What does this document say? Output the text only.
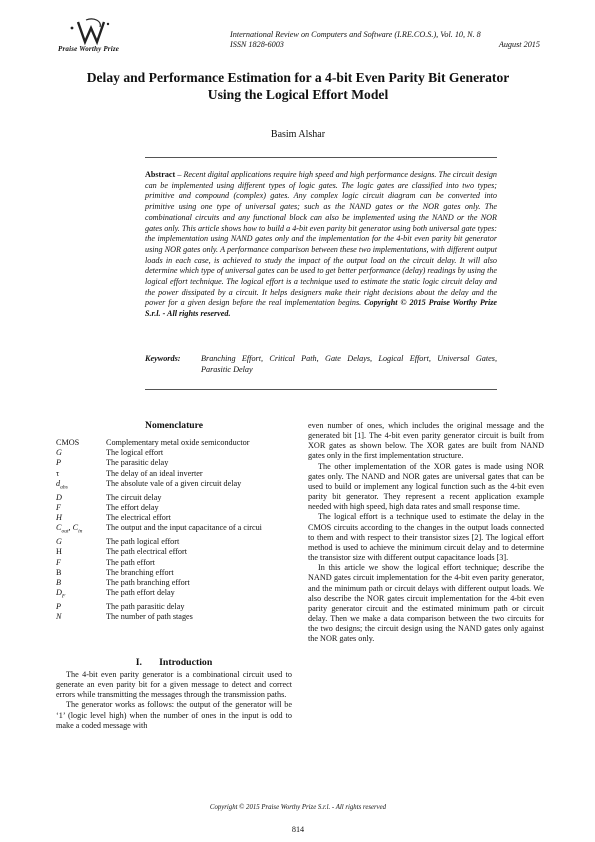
Praise Worthy Prize
International Review on Computers and Software (I.RE.CO.S.), Vol. 10, N. 8
ISSN 1828-6003	August 2015
Delay and Performance Estimation for a 4-bit Even Parity Bit Generator
Using the Logical Effort Model
Basim Alshar
Abstract – Recent digital applications require high speed and high performance designs. The circuit design can be implemented using different types of logic gates. The logic gates are classified into two types; primitive and compound (complex) gates. Any complex logic circuit diagram can be converted into primitive using one type of universal gates; such as the NAND gates or the NOR gates only. The combinational circuits and any functional block can also be implemented using the NAND or the NOR gates only. This article shows how to build a 4-bit even parity bit generator using both universal gate types: the implementation using NAND gates only and the implementation for the 4-bit even parity bit generator using NOR gates only. A performance comparison between these two implementations, with different output loads in each case, is achieved to study the impact of the output load on the circuit delay. It will also determine which type of universal gates can be used to get better performance (delay) readings by using the logical effort technique. The logical effort is a technique used to estimate the static logic circuit delay and the power dissipated by a circuit. It helps designers make their right decisions about the delay and the power for a given design before the real implementation begins. Copyright © 2015 Praise Worthy Prize S.r.l. - All rights reserved.
Keywords:	Branching Effort, Critical Path, Gate Delays, Logical Effort, Universal Gates,
Parasitic Delay
Nomenclature
CMOS	Complementary metal oxide semiconductor
G	The logical effort
P	The parasitic delay
τ	The delay of an ideal inverter
$d_{abs}$	The absolute vale of a given circuit delay
D	The circuit delay
F	The effort delay
H	The electrical effort
$C_{out}$, $C_{in}$	The output and the input capacitance of a circui
G	The path logical effort
H	The path electrical effort
F	The path effort
B	The branching effort
B	The path branching effort
$D_F$	The path effort delay
P	The path parasitic delay
N	The number of path stages
I.       Introduction

The 4-bit even parity generator is a combinational circuit used to generate an even parity bit for a given message to detect and correct errors while transmitting the messages through the transmission paths.

The generator works as follows: the output of the generator will be ‘1’ (logic level high) when the number of ones in the input is odd to make a coded message with

even number of ones, which includes the original message and the generated bit [1]. The 4-bit even parity generator circuit is built from XOR gates as shown below. The XOR gates are built from NAND gates only in the first implementation structure.

The other implementation of the XOR gates is made using NOR gates only. The NAND and NOR gates are universal gates that can be used to build or implement any logical function such as the 4-bit even parity bit generator. They represent a recent application example needed with high speed, high data rates and small response time.

The logical effort is a technique used to estimate the delay in the CMOS circuits according to the changes in the output loads connected to them and with respect to their transistor sizes [2]. The logical effort method is used to achieve the minimum circuit delay and to determine the transistor size with different output capacitance loads [3].

In this article we show the logical effort technique; describe the NAND gates circuit implementation for the 4-bit even parity generator, and the minimum path or circuit delays with different output loads. We also describe the NOR gates circuit implementation for the 4-bit even parity generator circuit and the estimated minimum path or circuit delay. Then we make a data comparison between the two circuits for the two designs; the circuit design using the NAND gates only against the NOR gates only.

Copyright © 2015 Praise Worthy Prize S.r.l. - All rights reserved
814
